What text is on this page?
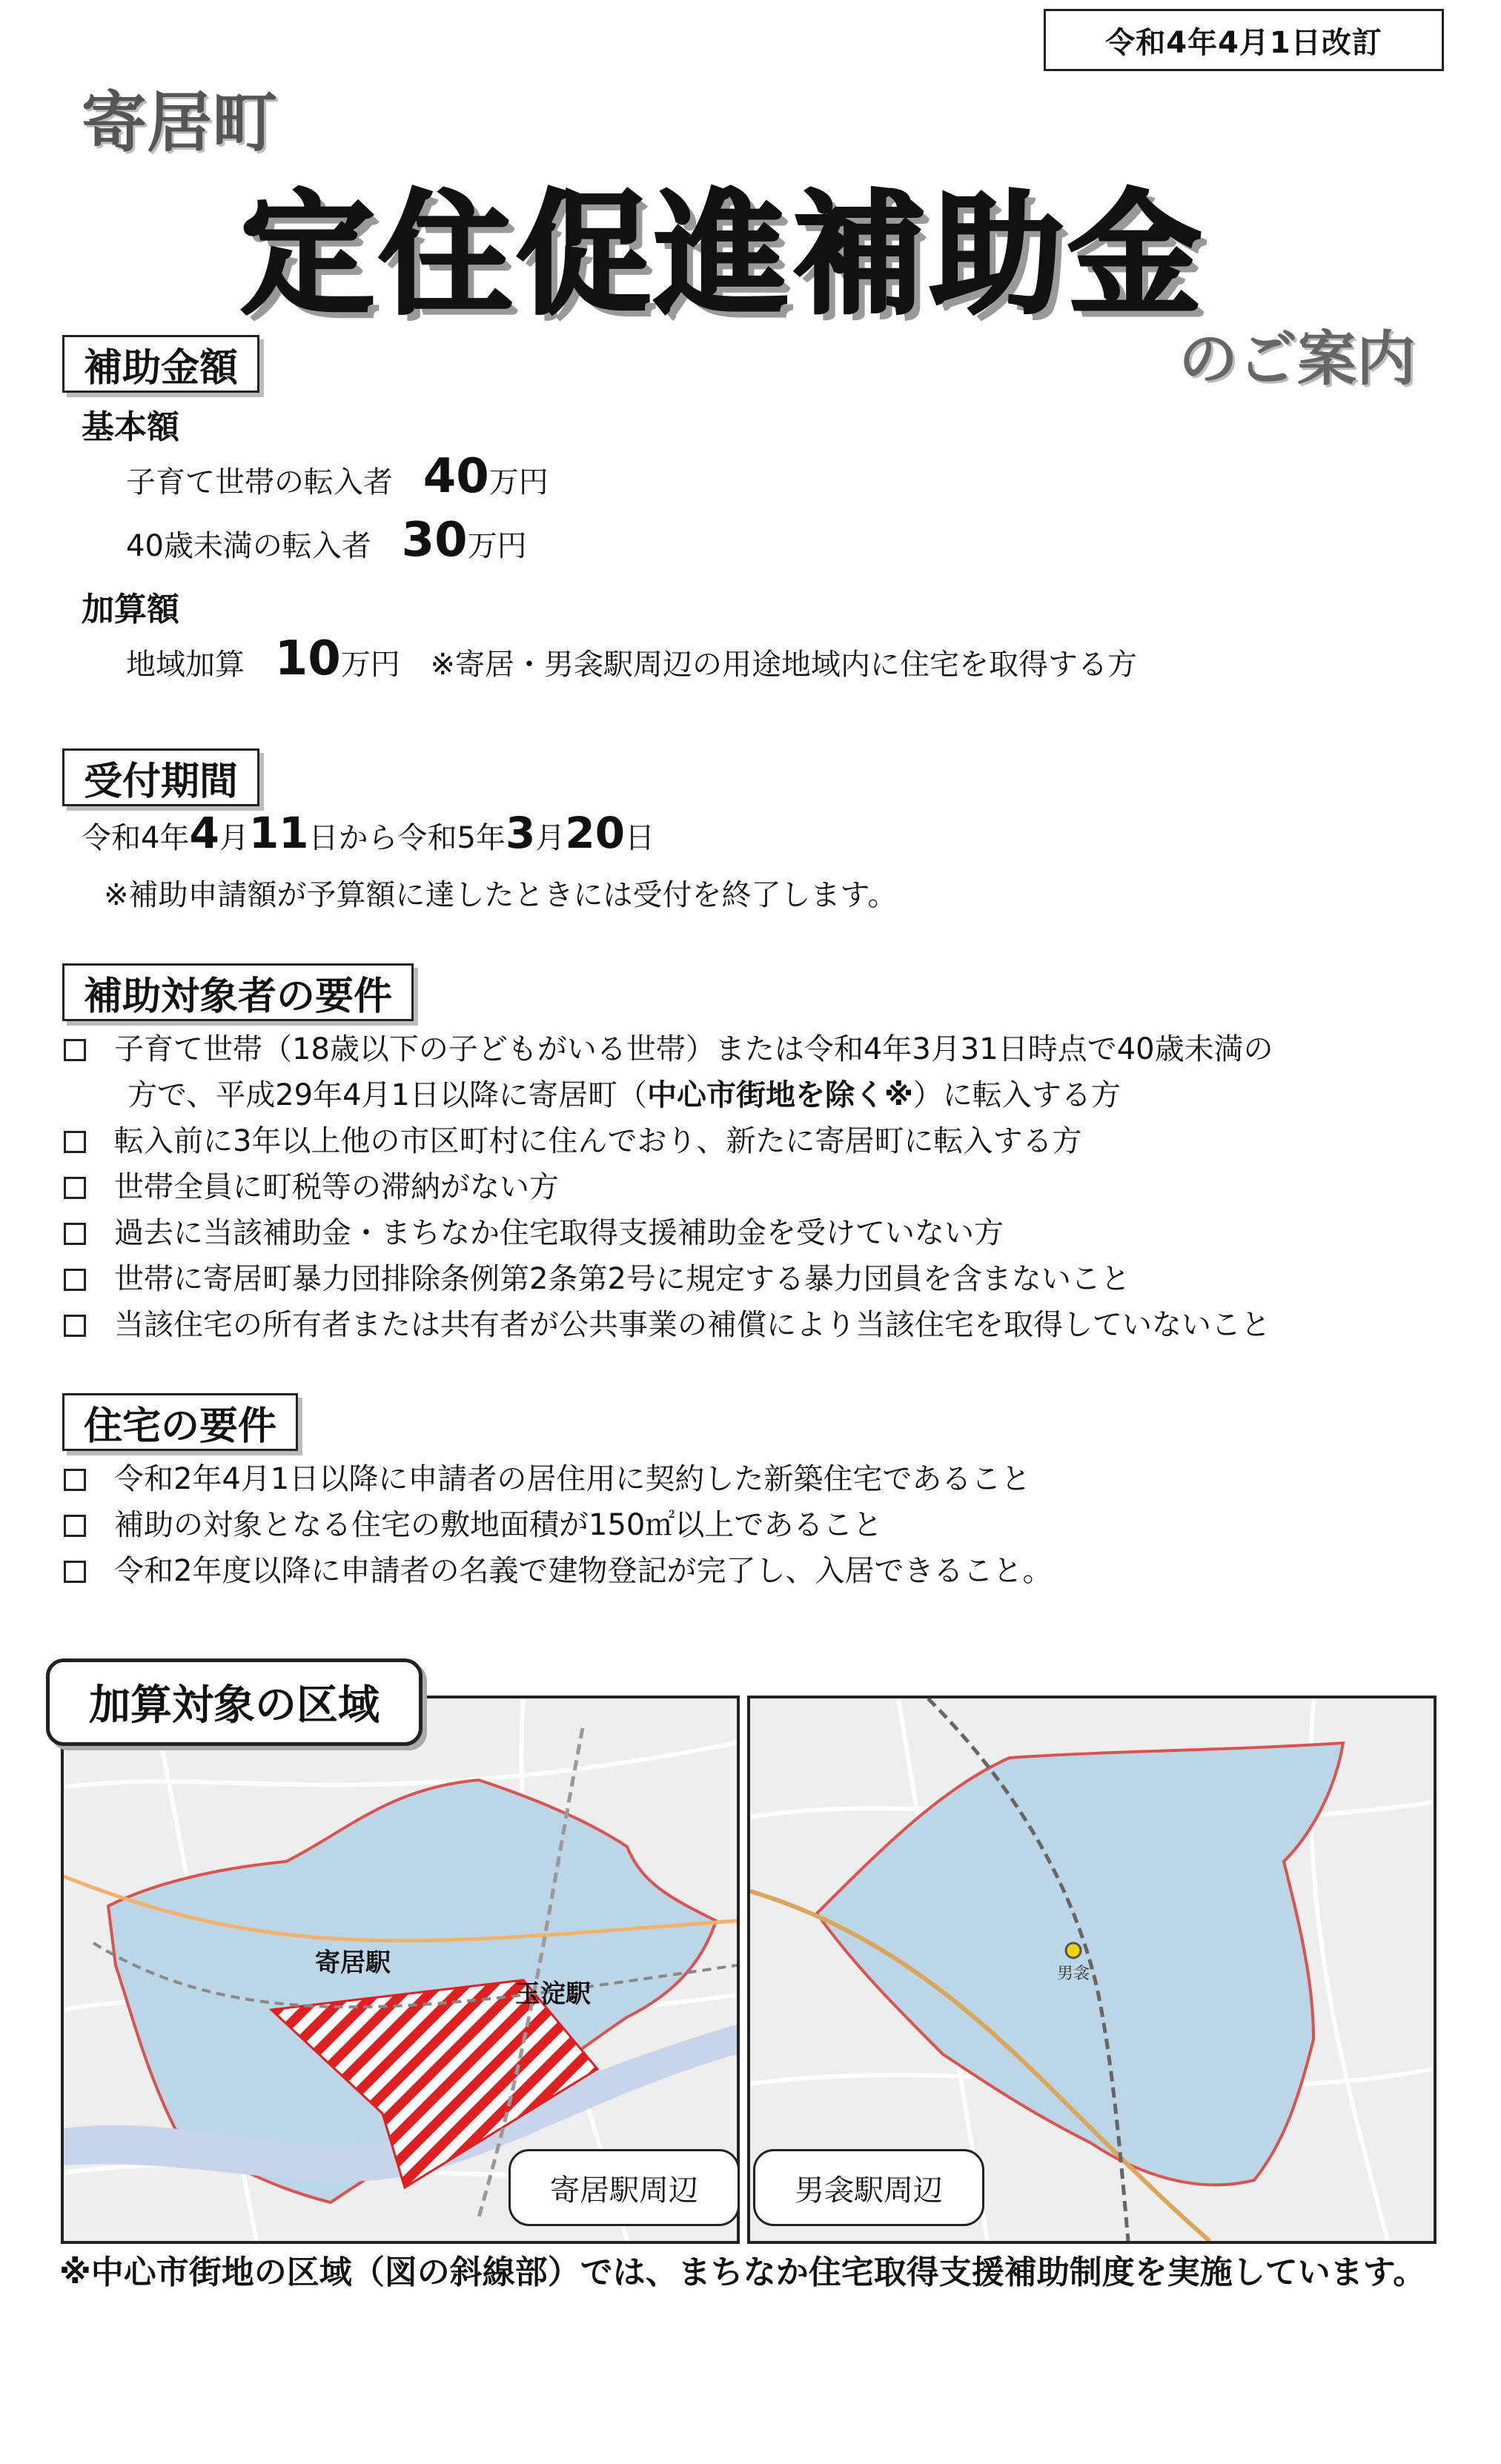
令和4年4月1日改訂
寄居町
定住促進補助金
のご案内
補助金額
基本額
子育て世帯の転入者 40万円
40歳未満の転入者 30万円
加算額
地域加算 10万円 ※寄居・男衾駅周辺の用途地域内に住宅を取得する方
受付期間
令和4年4月11日から令和5年3月20日
※補助申請額が予算額に達したときには受付を終了します。
補助対象者の要件
子育て世帯（18歳以下の子どもがいる世帯）または令和4年3月31日時点で40歳未満の
方で、平成29年4月1日以降に寄居町（中心市街地を除く※）に転入する方
転入前に3年以上他の市区町村に住んでおり、新たに寄居町に転入する方
世帯全員に町税等の滞納がない方
過去に当該補助金・まちなか住宅取得支援補助金を受けていない方
世帯に寄居町暴力団排除条例第2条第2号に規定する暴力団員を含まないこと
当該住宅の所有者または共有者が公共事業の補償により当該住宅を取得していないこと
住宅の要件
令和2年4月1日以降に申請者の居住用に契約した新築住宅であること
補助の対象となる住宅の敷地面積が150㎡以上であること
令和2年度以降に申請者の名義で建物登記が完了し、入居できること。
加算対象の区域
寄居駅
玉淀駅
寄居駅周辺
男衾
男衾駅周辺
※中心市街地の区域（図の斜線部）では、まちなか住宅取得支援補助制度を実施しています。
